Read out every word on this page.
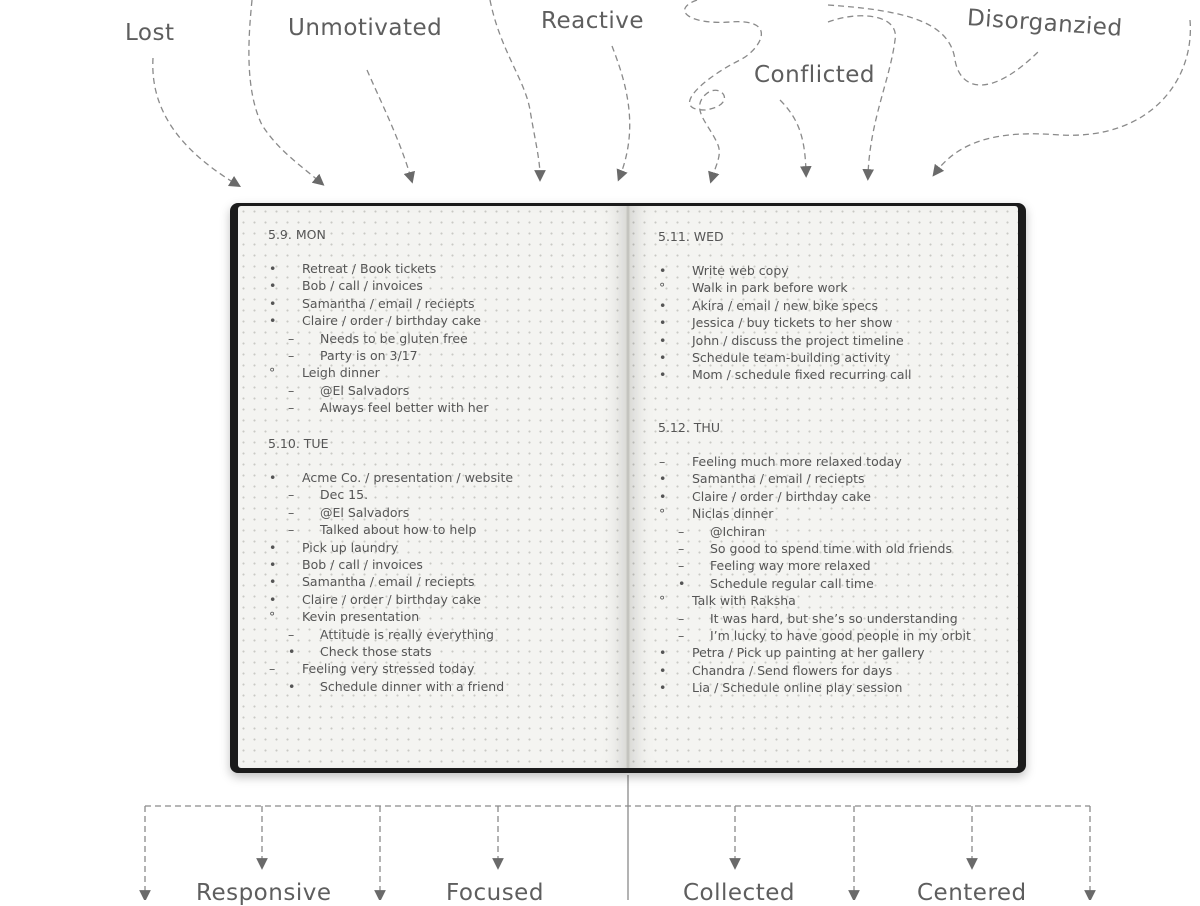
Lost	Unmotivated	Reactive
Conflicted
Disorganzied
Responsive	Focused	Collected	Centered
5.9. MON
• Retreat / Book tickets
• Bob / call / invoices
• Samantha / email / reciepts
• Claire / order / birthday cake
– Needs to be gluten free
– Party is on 3/17
° Leigh dinner
– @El Salvadors
– Always feel better with her
5.10. TUE
• Acme Co. / presentation / website
– Dec 15.
– @El Salvadors
– Talked about how to help
• Pick up laundry
• Bob / call / invoices
• Samantha / email / reciepts
• Claire / order / birthday cake
° Kevin presentation
– Attitude is really everything
• Check those stats
– Feeling very stressed today
• Schedule dinner with a friend
5.11. WED
• Write web copy
° Walk in park before work
• Akira / email / new bike specs
• Jessica / buy tickets to her show
• John / discuss the project timeline
• Schedule team-building activity
• Mom / schedule fixed recurring call
5.12. THU
– Feeling much more relaxed today
• Samantha / email / reciepts
• Claire / order / birthday cake
° Niclas dinner
– @Ichiran
– So good to spend time with old friends
– Feeling way more relaxed
• Schedule regular call time
° Talk with Raksha
– It was hard, but she’s so understanding
– I’m lucky to have good people in my orbit
• Petra / Pick up painting at her gallery
• Chandra / Send flowers for days
• Lia / Schedule online play session
